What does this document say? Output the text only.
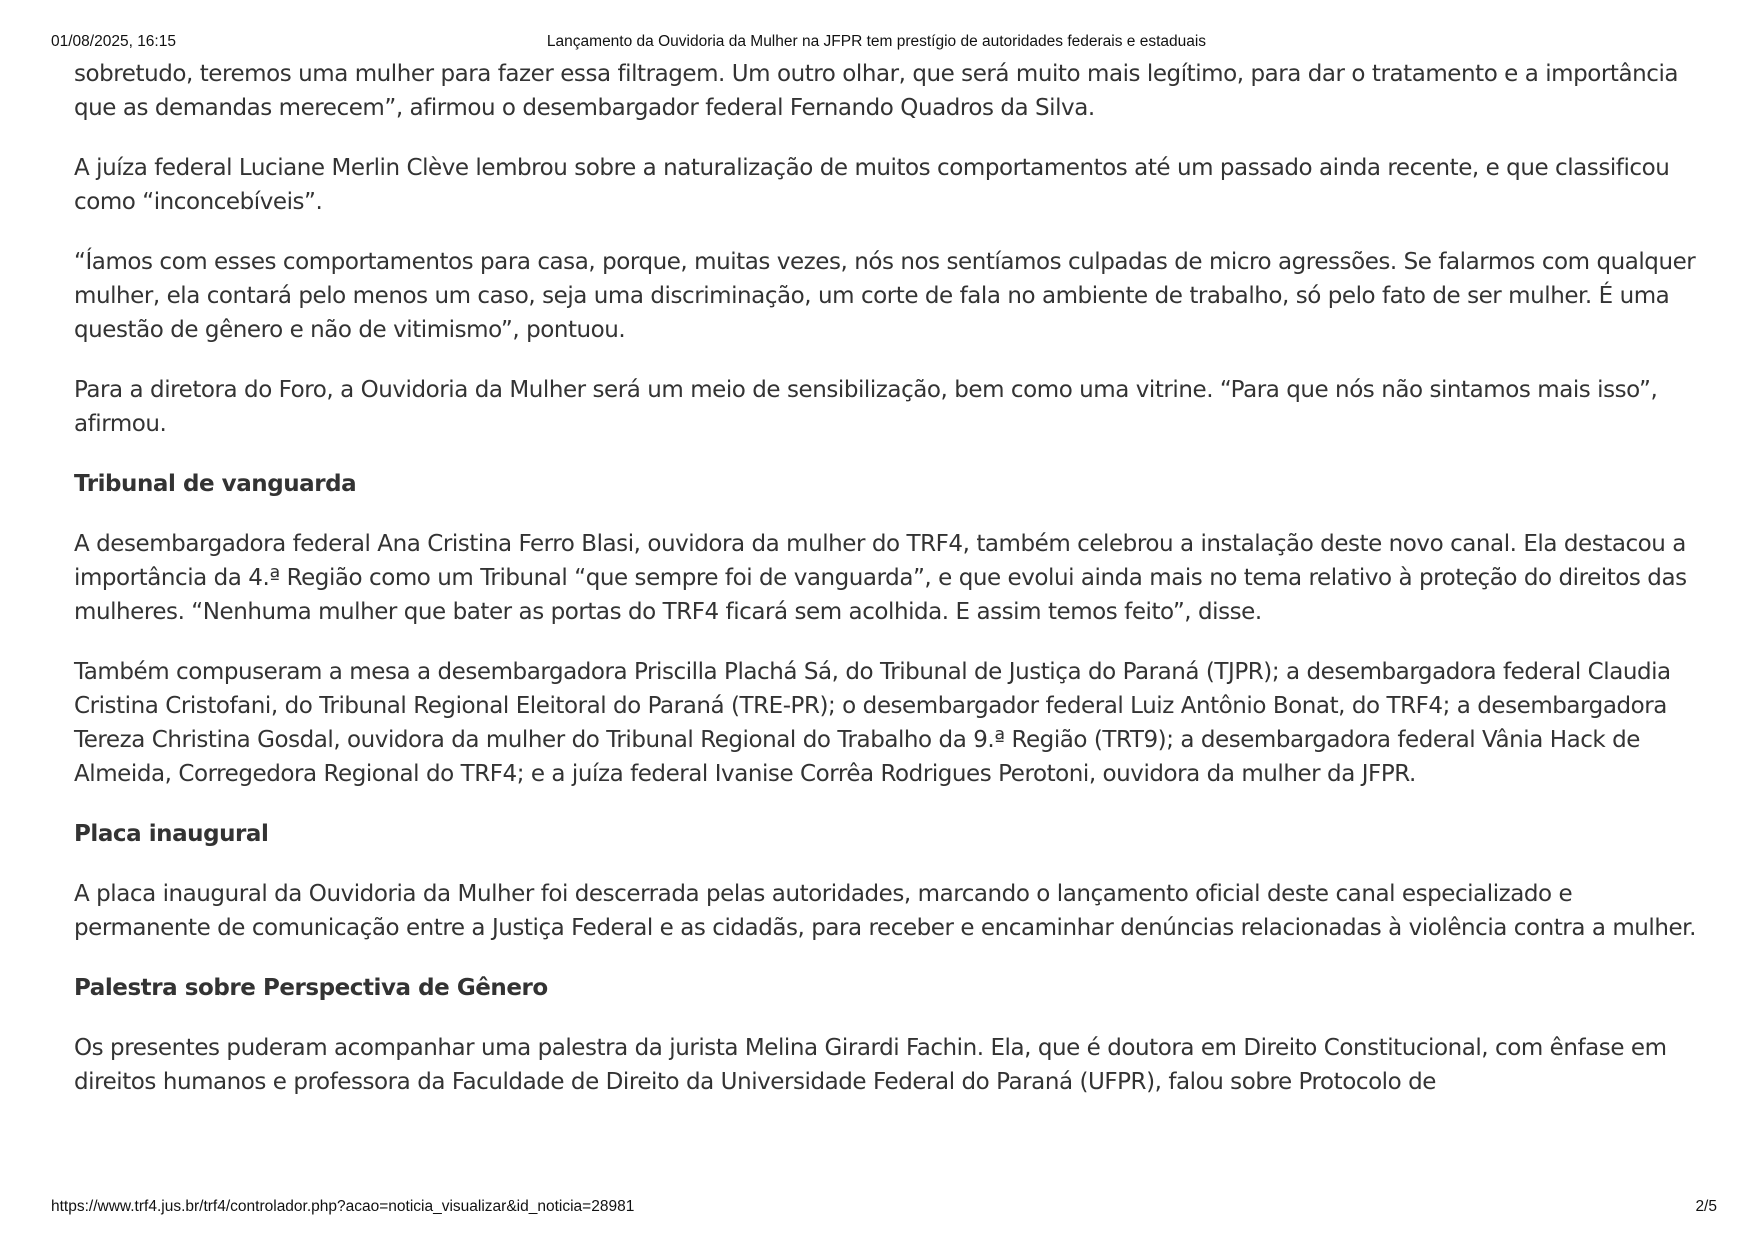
01/08/2025, 16:15	Lançamento da Ouvidoria da Mulher na JFPR tem prestígio de autoridades federais e estaduais

sobretudo, teremos uma mulher para fazer essa filtragem. Um outro olhar, que será muito mais legítimo, para dar o tratamento e a importância que as demandas merecem”, afirmou o desembargador federal Fernando Quadros da Silva.

A juíza federal Luciane Merlin Clève lembrou sobre a naturalização de muitos comportamentos até um passado ainda recente, e que classificou como “inconcebíveis”.

“Íamos com esses comportamentos para casa, porque, muitas vezes, nós nos sentíamos culpadas de micro agressões. Se falarmos com qualquer mulher, ela contará pelo menos um caso, seja uma discriminação, um corte de fala no ambiente de trabalho, só pelo fato de ser mulher. É uma questão de gênero e não de vitimismo”, pontuou.

Para a diretora do Foro, a Ouvidoria da Mulher será um meio de sensibilização, bem como uma vitrine. “Para que nós não sintamos mais isso”, afirmou.

Tribunal de vanguarda

A desembargadora federal Ana Cristina Ferro Blasi, ouvidora da mulher do TRF4, também celebrou a instalação deste novo canal. Ela destacou a importância da 4.ª Região como um Tribunal “que sempre foi de vanguarda”, e que evolui ainda mais no tema relativo à proteção do direitos das mulheres. “Nenhuma mulher que bater as portas do TRF4 ficará sem acolhida. E assim temos feito”, disse.

Também compuseram a mesa a desembargadora Priscilla Plachá Sá, do Tribunal de Justiça do Paraná (TJPR); a desembargadora federal Claudia Cristina Cristofani, do Tribunal Regional Eleitoral do Paraná (TRE-PR); o desembargador federal Luiz Antônio Bonat, do TRF4; a desembargadora Tereza Christina Gosdal, ouvidora da mulher do Tribunal Regional do Trabalho da 9.ª Região (TRT9); a desembargadora federal Vânia Hack de Almeida, Corregedora Regional do TRF4; e a juíza federal Ivanise Corrêa Rodrigues Perotoni, ouvidora da mulher da JFPR.

Placa inaugural

A placa inaugural da Ouvidoria da Mulher foi descerrada pelas autoridades, marcando o lançamento oficial deste canal especializado e permanente de comunicação entre a Justiça Federal e as cidadãs, para receber e encaminhar denúncias relacionadas à violência contra a mulher.

Palestra sobre Perspectiva de Gênero

Os presentes puderam acompanhar uma palestra da jurista Melina Girardi Fachin. Ela, que é doutora em Direito Constitucional, com ênfase em direitos humanos e professora da Faculdade de Direito da Universidade Federal do Paraná (UFPR), falou sobre Protocolo de

https://www.trf4.jus.br/trf4/controlador.php?acao=noticia_visualizar&id_noticia=28981	2/5
